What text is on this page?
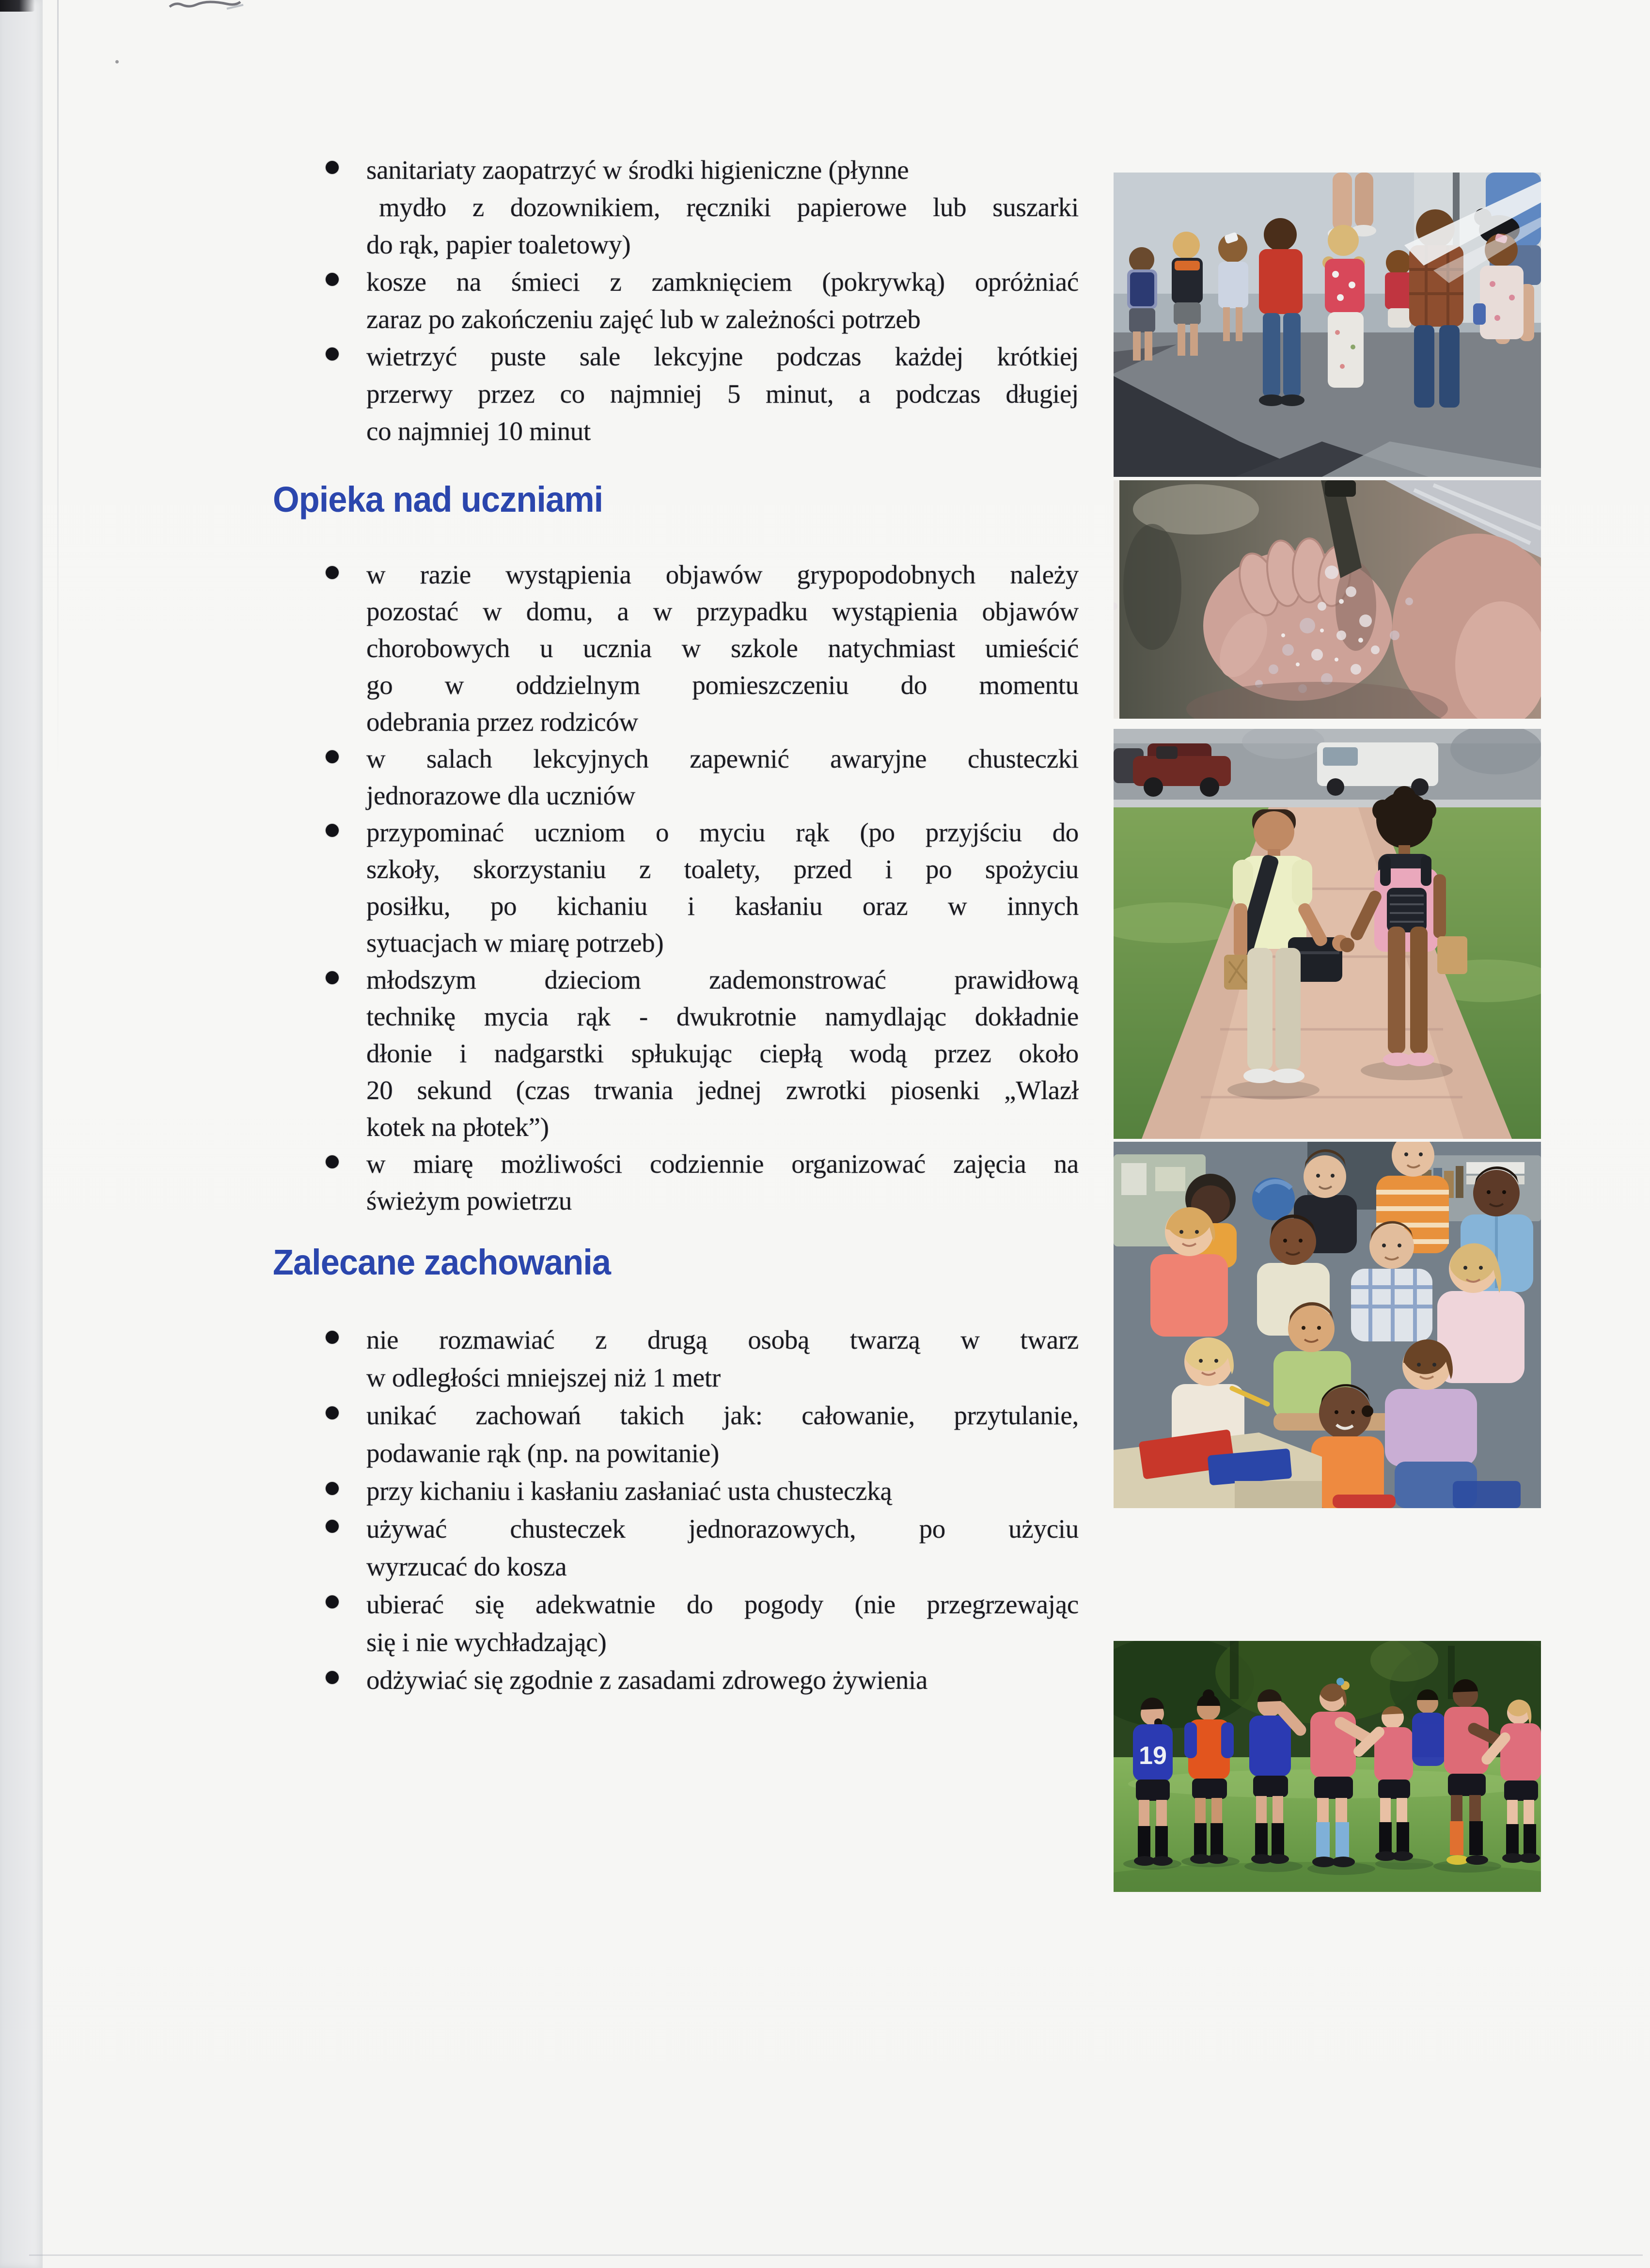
sanitariaty zaopatrzyć w środki higieniczne (płynne
mydło z dozownikiem, ręczniki papierowe lub suszarki
do rąk, papier toaletowy)
kosze na śmieci z zamknięciem (pokrywką) opróżniać
zaraz po zakończeniu zajęć lub w zależności potrzeb
wietrzyć puste sale lekcyjne podczas każdej krótkiej
przerwy przez co najmniej 5 minut, a podczas długiej
co najmniej 10 minut
Opieka nad uczniami
w razie wystąpienia objawów grypopodobnych należy
pozostać w domu, a w przypadku wystąpienia objawów
chorobowych u ucznia w szkole natychmiast umieścić
go w oddzielnym pomieszczeniu do momentu
odebrania przez rodziców
w salach lekcyjnych zapewnić awaryjne chusteczki
jednorazowe dla uczniów
przypominać uczniom o myciu rąk (po przyjściu do
szkoły, skorzystaniu z toalety, przed i po spożyciu
posiłku, po kichaniu i kasłaniu oraz w innych
sytuacjach w miarę potrzeb)
młodszym dzieciom zademonstrować prawidłową
technikę mycia rąk - dwukrotnie namydlając dokładnie
dłonie i nadgarstki spłukując ciepłą wodą przez około
20 sekund (czas trwania jednej zwrotki piosenki „Wlazł
kotek na płotek”)
w miarę możliwości codziennie organizować zajęcia na
świeżym powietrzu
Zalecane zachowania
nie rozmawiać z drugą osobą twarzą w twarz
w odległości mniejszej niż 1 metr
unikać zachowań takich jak: całowanie, przytulanie,
podawanie rąk (np. na powitanie)
przy kichaniu i kasłaniu zasłaniać usta chusteczką
używać chusteczek jednorazowych, po użyciu
wyrzucać do kosza
ubierać się adekwatnie do pogody (nie przegrzewając
się i nie wychładzając)
odżywiać się zgodnie z zasadami zdrowego żywienia
19
